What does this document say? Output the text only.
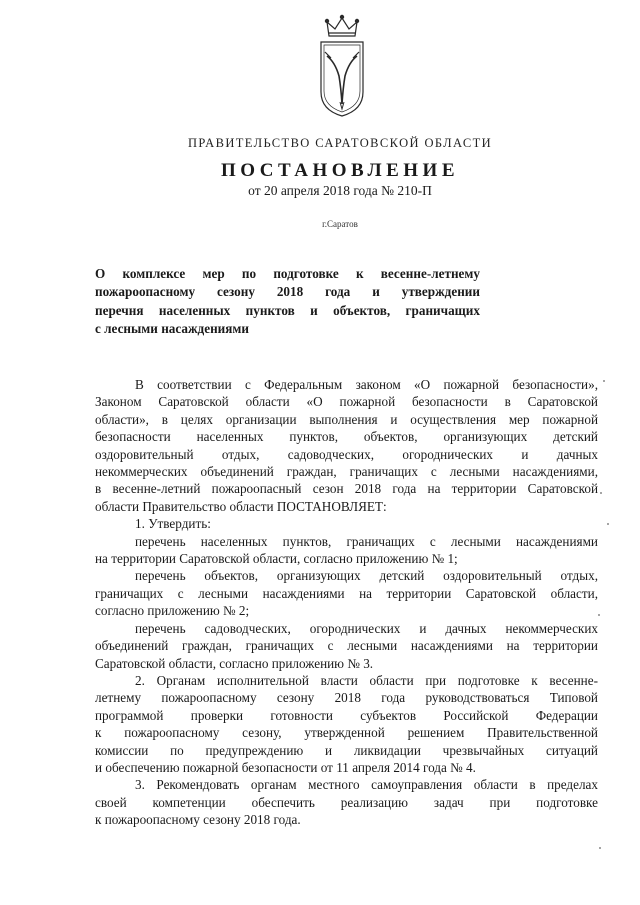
ПРАВИТЕЛЬСТВО САРАТОВСКОЙ ОБЛАСТИ
ПОСТАНОВЛЕНИЕ
от 20 апреля 2018 года № 210-П
г.Саратов
О комплексе мер по подготовке к весенне-летнему
пожароопасному сезону 2018 года и утверждении
перечня населенных пунктов и объектов, граничащих
с лесными насаждениями
В соответствии с Федеральным законом «О пожарной безопасности»,
Законом Саратовской области «О пожарной безопасности в Саратовской
области», в целях организации выполнения и осуществления мер пожарной
безопасности населенных пунктов, объектов, организующих детский
оздоровительный отдых, садоводческих, огороднических и дачных
некоммерческих объединений граждан, граничащих с лесными насаждениями,
в весенне-летний пожароопасный сезон 2018 года на территории Саратовской
области Правительство области ПОСТАНОВЛЯЕТ:
1. Утвердить:
перечень населенных пунктов, граничащих с лесными насаждениями
на территории Саратовской области, согласно приложению № 1;
перечень объектов, организующих детский оздоровительный отдых,
граничащих с лесными насаждениями на территории Саратовской области,
согласно приложению № 2;
перечень садоводческих, огороднических и дачных некоммерческих
объединений граждан, граничащих с лесными насаждениями на территории
Саратовской области, согласно приложению № 3.
2. Органам исполнительной власти области при подготовке к весенне-
летнему пожароопасному сезону 2018 года руководствоваться Типовой
программой проверки готовности субъектов Российской Федерации
к пожароопасному сезону, утвержденной решением Правительственной
комиссии по предупреждению и ликвидации чрезвычайных ситуаций
и обеспечению пожарной безопасности от 11 апреля 2014 года № 4.
3. Рекомендовать органам местного самоуправления области в пределах
своей компетенции обеспечить реализацию задач при подготовке
к пожароопасному сезону 2018 года.
